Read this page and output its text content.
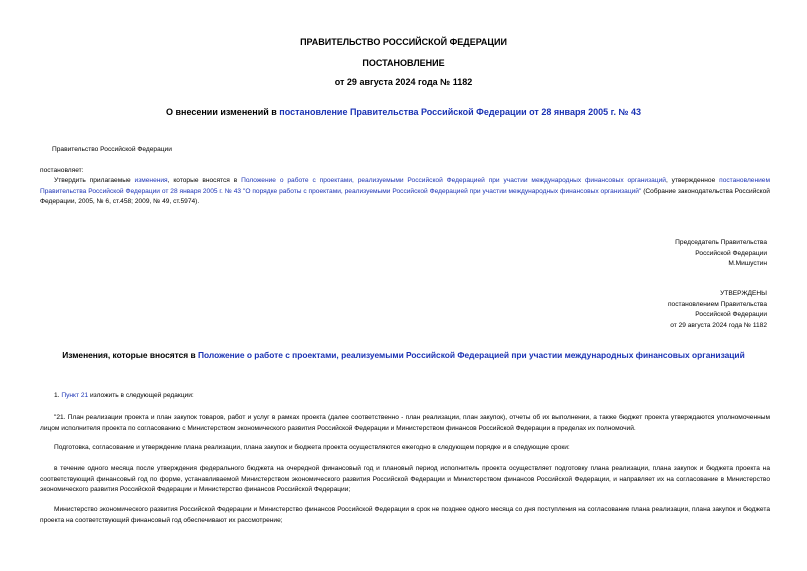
ПРАВИТЕЛЬСТВО РОССИЙСКОЙ ФЕДЕРАЦИИ
ПОСТАНОВЛЕНИЕ
от 29 августа 2024 года № 1182
О внесении изменений в постановление Правительства Российской Федерации от 28 января 2005 г. № 43
Правительство Российской Федерации
постановляет:
Утвердить прилагаемые изменения, которые вносятся в Положение о работе с проектами, реализуемыми Российской Федерацией при участии международных финансовых организаций, утвержденное постановлением Правительства Российской Федерации от 28 января 2005 г. № 43 "О порядке работы с проектами, реализуемыми Российской Федерацией при участии международных финансовых организаций" (Собрание законодательства Российской Федерации, 2005, № 6, ст.458; 2009, № 49, ст.5974).
Председатель Правительства
Российской Федерации
М.Мишустин
УТВЕРЖДЕНЫ
постановлением Правительства
Российской Федерации
от 29 августа 2024 года № 1182
Изменения, которые вносятся в Положение о работе с проектами, реализуемыми Российской Федерацией при участии международных финансовых организаций
1. Пункт 21 изложить в следующей редакции:
"21. План реализации проекта и план закупок товаров, работ и услуг в рамках проекта (далее соответственно - план реализации, план закупок), отчеты об их выполнении, а также бюджет проекта утверждаются уполномоченным лицом исполнителя проекта по согласованию с Министерством экономического развития Российской Федерации и Министерством финансов Российской Федерации в пределах их полномочий.
Подготовка, согласование и утверждение плана реализации, плана закупок и бюджета проекта осуществляются ежегодно в следующем порядке и в следующие сроки:
в течение одного месяца после утверждения федерального бюджета на очередной финансовый год и плановый период исполнитель проекта осуществляет подготовку плана реализации, плана закупок и бюджета проекта на соответствующий финансовый год по форме, устанавливаемой Министерством экономического развития Российской Федерации и Министерством финансов Российской Федерации, и направляет их на согласование в Министерство экономического развития Российской Федерации и Министерство финансов Российской Федерации;
Министерство экономического развития Российской Федерации и Министерство финансов Российской Федерации в срок не позднее одного месяца со дня поступления на согласование плана реализации, плана закупок и бюджета проекта на соответствующий финансовый год обеспечивают их рассмотрение;
